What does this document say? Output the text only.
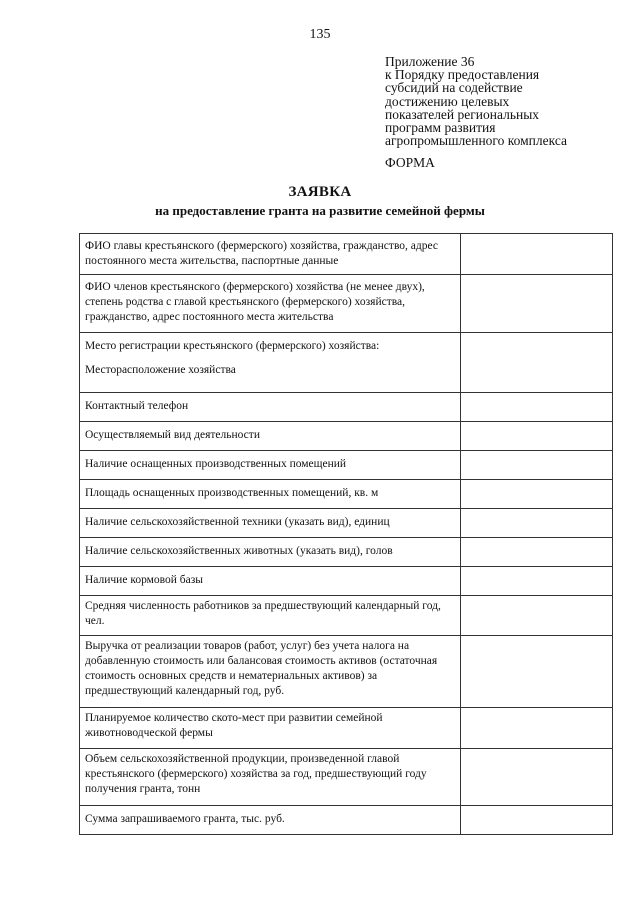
135
Приложение 36
к Порядку предоставления
субсидий на содействие
достижению целевых
показателей региональных
программ развития
агропромышленного комплекса
ФОРМА
ЗАЯВКА
на предоставление гранта на развитие семейной фермы
ФИО главы крестьянского (фермерского) хозяйства, гражданство, адрес постоянного места жительства, паспортные данные	
ФИО членов крестьянского (фермерского) хозяйства (не менее двух), степень родства с главой крестьянского (фермерского) хозяйства, гражданство, адрес постоянного места жительства	
Место регистрации крестьянского (фермерского) хозяйства:
Месторасположение хозяйства	
Контактный телефон	
Осуществляемый вид деятельности	
Наличие оснащенных производственных помещений	
Площадь оснащенных производственных помещений, кв. м	
Наличие сельскохозяйственной техники (указать вид), единиц	
Наличие сельскохозяйственных животных (указать вид), голов	
Наличие кормовой базы	
Средняя численность работников за предшествующий календарный год, чел.	
Выручка от реализации товаров (работ, услуг) без учета налога на добавленную стоимость или балансовая стоимость активов (остаточная стоимость основных средств и нематериальных активов) за предшествующий календарный год, руб.	
Планируемое количество ското-мест при развитии семейной животноводческой фермы	
Объем сельскохозяйственной продукции, произведенной главой крестьянского (фермерского) хозяйства за год, предшествующий году получения гранта, тонн	
Сумма запрашиваемого гранта, тыс. руб.	
